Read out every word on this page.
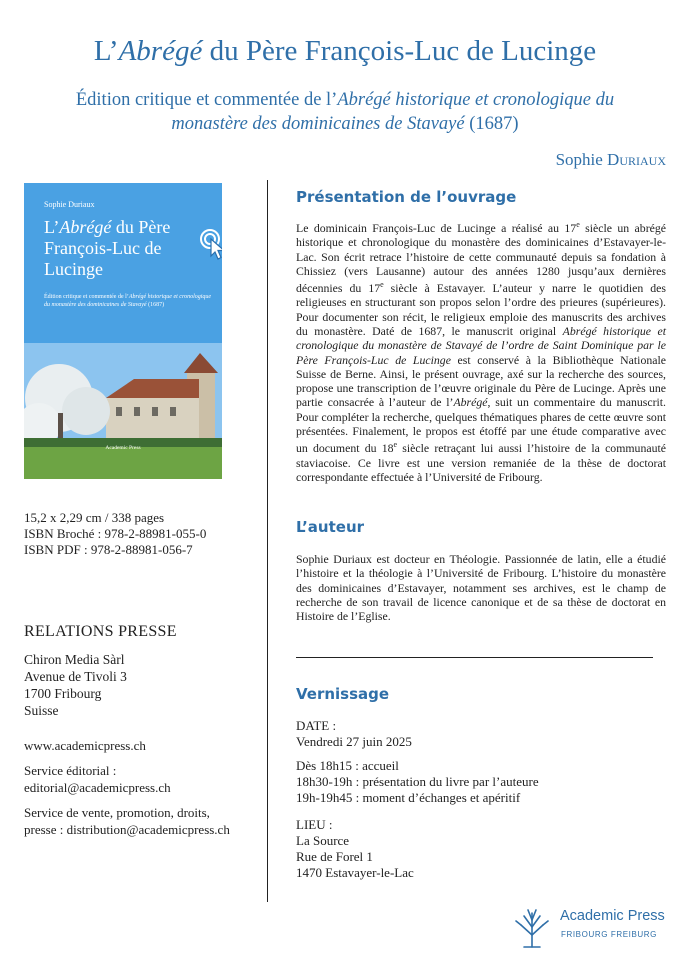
L’Abrégé du Père François-Luc de Lucinge
Édition critique et commentée de l’Abrégé historique et cronologique du monastère des dominicaines de Stavayé (1687)
Sophie Duriaux
Sophie Duriaux
L’Abrégé du Père François-Luc de Lucinge
Édition critique et commentée de l’Abrégé historique et cronologique du monastère des dominicaines de Stavayé (1687)
Academic Press
15,2 x 2,29 cm / 338 pages
ISBN Broché : 978-2-88981-055-0
ISBN PDF : 978-2-88981-056-7
RELATIONS PRESSE
Chiron Media Sàrl
Avenue de Tivoli 3
1700 Fribourg
Suisse
www.academicpress.ch
Service éditorial :
editorial@academicpress.ch
Service de vente, promotion, droits,
presse : distribution@academicpress.ch
Présentation de l’ouvrage

Le dominicain François-Luc de Lucinge a réalisé au 17e siècle un abrégé historique et chronologique du monastère des dominicaines d’Estavayer-le-Lac. Son écrit retrace l’histoire de cette communauté depuis sa fondation à Chissiez (vers Lausanne) autour des années 1280 jusqu’aux dernières décennies du 17e siècle à Estavayer. L’auteur y narre le quotidien des religieuses en structurant son propos selon l’ordre des prieures (supérieures). Pour documenter son récit, le religieux emploie des manuscrits des archives du monastère. Daté de 1687, le manuscrit original Abrégé historique et cronologique du monastère de Stavayé de l’ordre de Saint Dominique par le Père François-Luc de Lucinge est conservé à la Bibliothèque Nationale Suisse de Berne. Ainsi, le présent ouvrage, axé sur la recherche des sources, propose une transcription de l’œuvre originale du Père de Lucinge. Après une partie consacrée à l’auteur de l’Abrégé, suit un commentaire du manuscrit. Pour compléter la recherche, quelques thématiques phares de cette œuvre sont présentées. Finalement, le propos est étoffé par une étude comparative avec un document du 18e siècle retraçant lui aussi l’histoire de la communauté staviacoise. Ce livre est une version remaniée de la thèse de doctorat correspondante effectuée à l’Université de Fribourg.

L’auteur

Sophie Duriaux est docteur en Théologie. Passionnée de latin, elle a étudié l’histoire et la théologie à l’Université de Fribourg. L’histoire du monastère des dominicaines d’Estavayer, notamment ses archives, est le champ de recherche de son travail de licence canonique et de sa thèse de doctorat en Histoire de l’Eglise.

Vernissage
DATE :
Vendredi 27 juin 2025
Dès 18h15 : accueil
18h30-19h : présentation du livre par l’auteure
19h-19h45 : moment d’échanges et apéritif
LIEU :
La Source
Rue de Forel 1
1470 Estavayer-le-Lac
Academic Press
FRIBOURG FREIBURG
